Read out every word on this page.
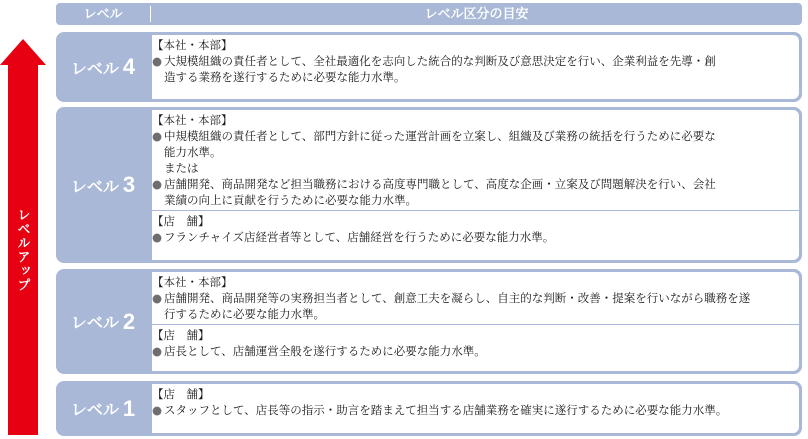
レベル	レベル区分の目安
レベルアップ
レベル 4
【本社・本部】
● 大規模組織の責任者として、全社最適化を志向した統合的な判断及び意思決定を行い、企業利益を先導・創
造する業務を遂行するために必要な能力水準。
レベル 3
【本社・本部】
● 中規模組織の責任者として、部門方針に従った運営計画を立案し、組織及び業務の統括を行うために必要な
能力水準。
または
● 店舗開発、商品開発など担当職務における高度専門職として、高度な企画・立案及び問題解決を行い、会社
業績の向上に貢献を行うために必要な能力水準。
【店　舗】
● フランチャイズ店経営者等として、店舗経営を行うために必要な能力水準。
レベル 2
【本社・本部】
● 店舗開発、商品開発等の実務担当者として、創意工夫を凝らし、自主的な判断・改善・提案を行いながら職務を遂
行するために必要な能力水準。
【店　舗】
● 店長として、店舗運営全般を遂行するために必要な能力水準。
レベル 1
【店　舗】
● スタッフとして、店長等の指示・助言を踏まえて担当する店舗業務を確実に遂行するために必要な能力水準。
